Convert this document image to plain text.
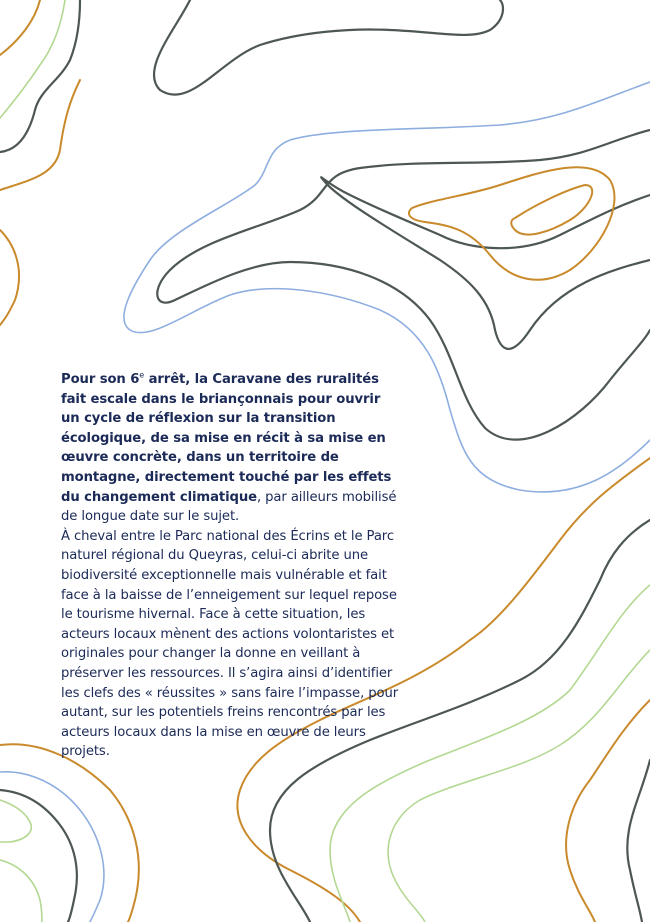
Pour son 6e arrêt, la Caravane des ruralités fait escale dans le briançonnais pour ouvrir un cycle de réflexion sur la transition écologique, de sa mise en récit à sa mise en œuvre concrète, dans un territoire de montagne, directement touché par les effets du changement climatique, par ailleurs mobilisé de longue date sur le sujet.

À cheval entre le Parc national des Écrins et le Parc naturel régional du Queyras, celui-ci abrite une biodiversité exceptionnelle mais vulnérable et fait face à la baisse de l’enneigement sur lequel repose le tourisme hivernal. Face à cette situation, les acteurs locaux mènent des actions volontaristes et originales pour changer la donne en veillant à préserver les ressources. Il s’agira ainsi d’identifier les clefs des « réussites » sans faire l’impasse, pour autant, sur les potentiels freins rencontrés par les acteurs locaux dans la mise en œuvre de leurs projets.
